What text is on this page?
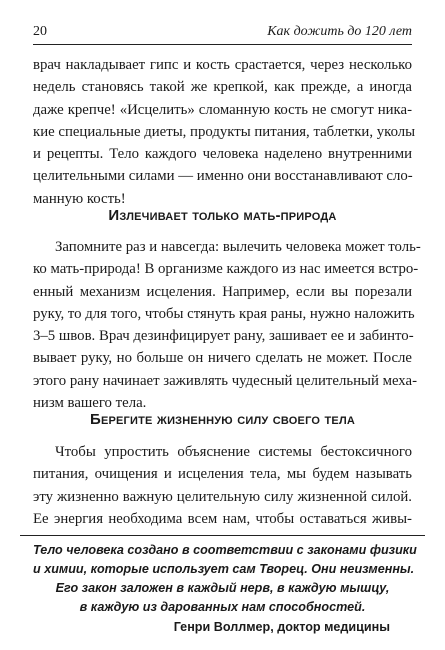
20	Как дожить до 120 лет
врач накладывает гипс и кость срастается, через несколько
недель становясь такой же крепкой, как прежде, а иногда
даже крепче! «Исцелить» сломанную кость не смогут ника-
кие специальные диеты, продукты питания, таблетки, уколы
и рецепты. Тело каждого человека наделено внутренними
целительными силами — именно они восстанавливают сло-
манную кость!
Излечивает только мать-природа
Запомните раз и навсегда: вылечить человека может толь-
ко мать-природа! В организме каждого из нас имеется встро-
енный механизм исцеления. Например, если вы порезали
руку, то для того, чтобы стянуть края раны, нужно наложить
3–5 швов. Врач дезинфицирует рану, зашивает ее и забинто-
вывает руку, но больше он ничего сделать не может. После
этого рану начинает заживлять чудесный целительный меха-
низм вашего тела.
Берегите жизненную силу своего тела
Чтобы упростить объяснение системы бестоксичного
питания, очищения и исцеления тела, мы будем называть
эту жизненно важную целительную силу жизненной силой.
Ее энергия необходима всем нам, чтобы оставаться живы-
Тело человека создано в соответствии с законами физики
и химии, которые использует сам Творец. Они неизменны.
Его закон заложен в каждый нерв, в каждую мышцу,
в каждую из дарованных нам способностей.
Генри Воллмер, доктор медицины
